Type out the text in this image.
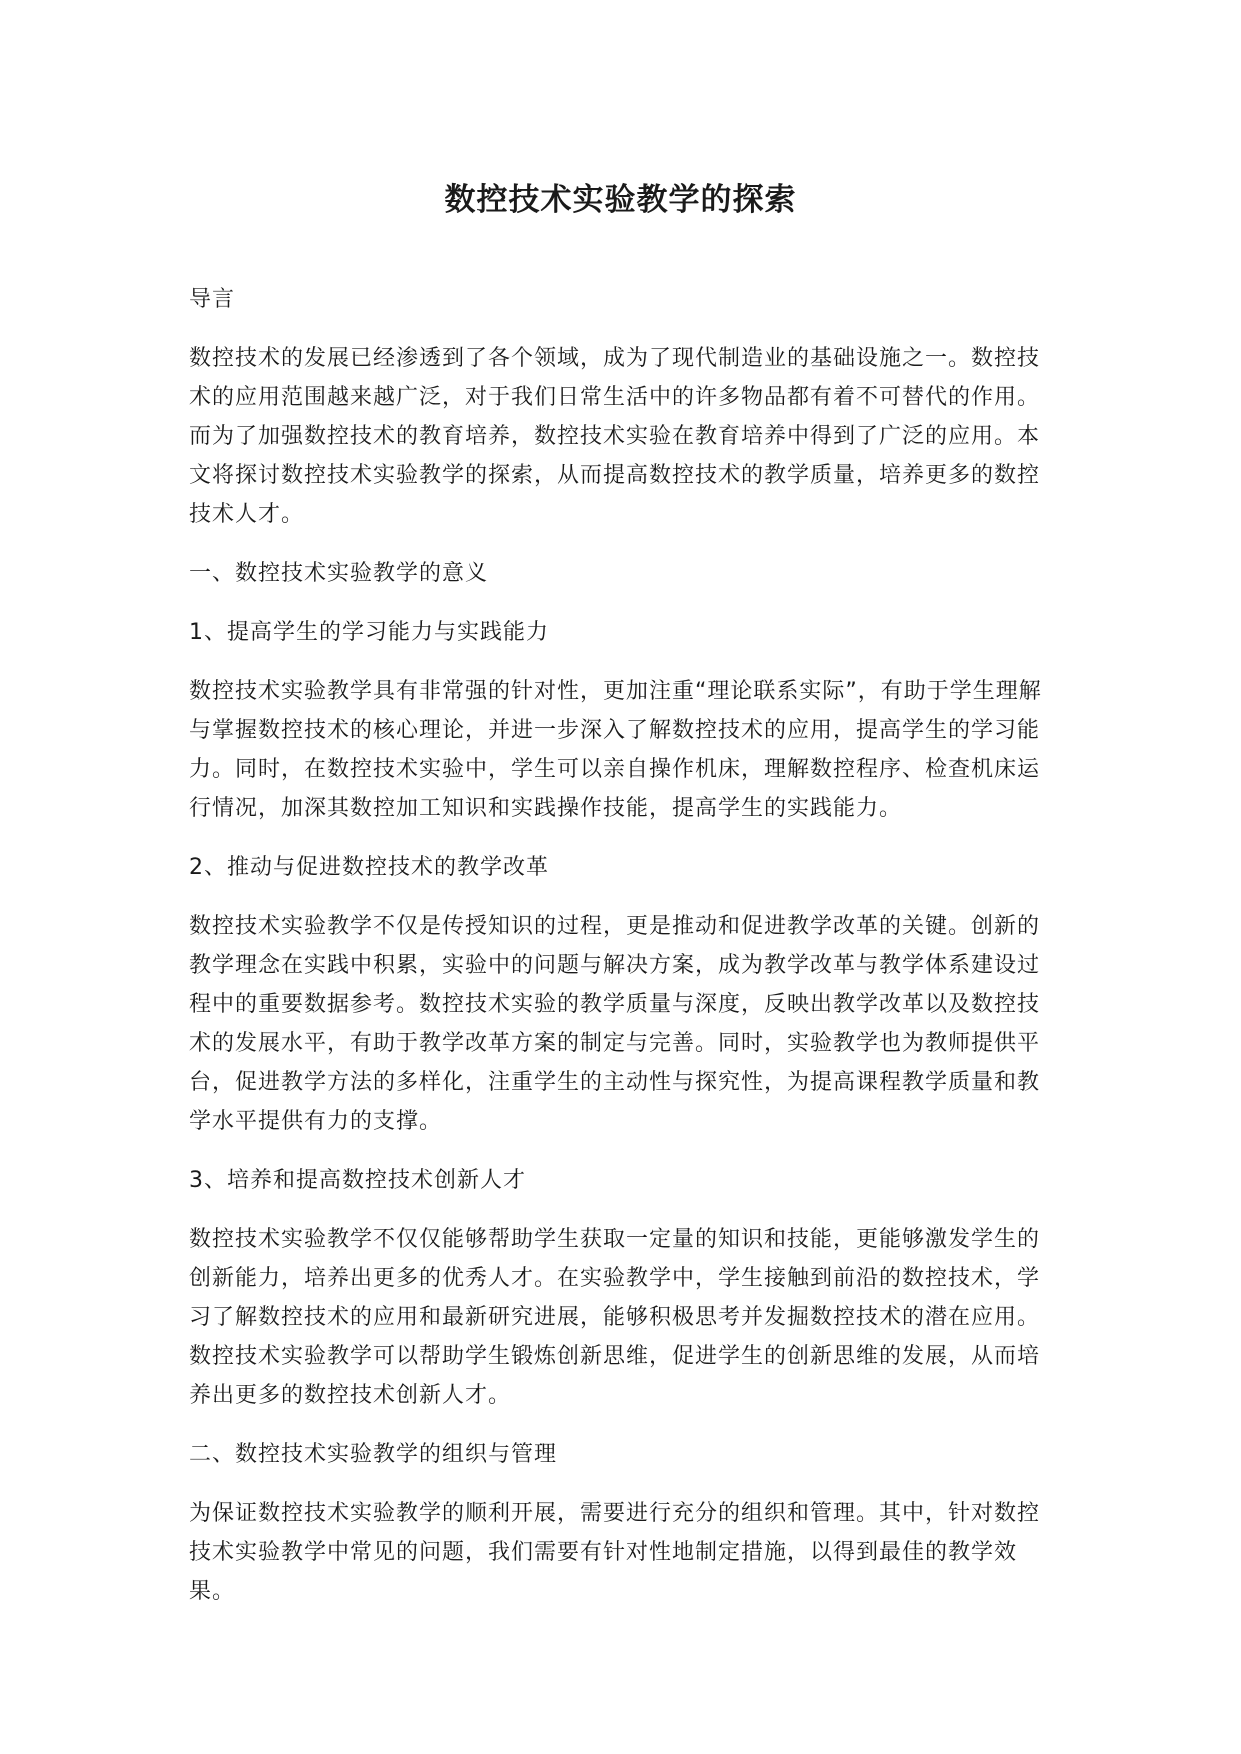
数控技术实验教学的探索

导言

数控技术的发展已经渗透到了各个领域，成为了现代制造业的基础设施之一。数控技术的应用范围越来越广泛，对于我们日常生活中的许多物品都有着不可替代的作用。而为了加强数控技术的教育培养，数控技术实验在教育培养中得到了广泛的应用。本文将探讨数控技术实验教学的探索，从而提高数控技术的教学质量，培养更多的数控技术人才。

一、数控技术实验教学的意义

1、提高学生的学习能力与实践能力

数控技术实验教学具有非常强的针对性，更加注重“理论联系实际”，有助于学生理解与掌握数控技术的核心理论，并进一步深入了解数控技术的应用，提高学生的学习能力。同时，在数控技术实验中，学生可以亲自操作机床，理解数控程序、检查机床运行情况，加深其数控加工知识和实践操作技能，提高学生的实践能力。

2、推动与促进数控技术的教学改革

数控技术实验教学不仅是传授知识的过程，更是推动和促进教学改革的关键。创新的教学理念在实践中积累，实验中的问题与解决方案，成为教学改革与教学体系建设过程中的重要数据参考。数控技术实验的教学质量与深度，反映出教学改革以及数控技术的发展水平，有助于教学改革方案的制定与完善。同时，实验教学也为教师提供平台，促进教学方法的多样化，注重学生的主动性与探究性，为提高课程教学质量和教学水平提供有力的支撑。

3、培养和提高数控技术创新人才

数控技术实验教学不仅仅能够帮助学生获取一定量的知识和技能，更能够激发学生的创新能力，培养出更多的优秀人才。在实验教学中，学生接触到前沿的数控技术，学习了解数控技术的应用和最新研究进展，能够积极思考并发掘数控技术的潜在应用。数控技术实验教学可以帮助学生锻炼创新思维，促进学生的创新思维的发展，从而培养出更多的数控技术创新人才。

二、数控技术实验教学的组织与管理

为保证数控技术实验教学的顺利开展，需要进行充分的组织和管理。其中，针对数控技术实验教学中常见的问题，我们需要有针对性地制定措施，以得到最佳的教学效果。
